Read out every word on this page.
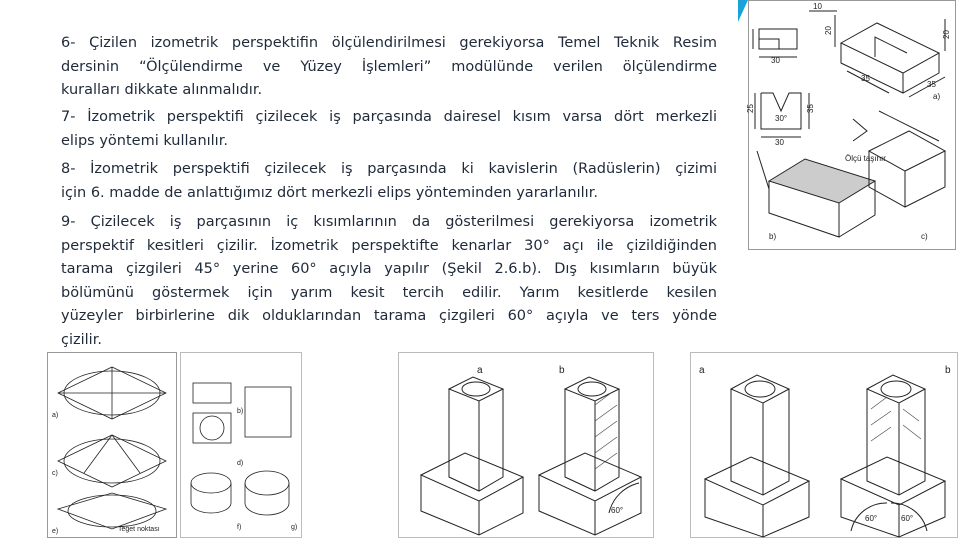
6- Çizilen izometrik perspektifin ölçülendirilmesi gerekiyorsa Temel Teknik Resim
dersinin “Ölçülendirme ve Yüzey İşlemleri” modülünde verilen ölçülendirme
kuralları dikkate alınmalıdır.
7- İzometrik perspektifi çizilecek iş parçasında dairesel kısım varsa dört merkezli
elips yöntemi kullanılır.
8- İzometrik perspektifi çizilecek iş parçasında ki kavislerin (Radüslerin) çizimi
için 6. madde de anlattığımız dört merkezli elips yönteminden yararlanılır.
9- Çizilecek iş parçasının iç kısımlarının da gösterilmesi gerekiyorsa izometrik
perspektif kesitleri çizilir. İzometrik perspektifte kenarlar 30° açı ile çizildiğinden
tarama çizgileri 45° yerine 60° açıyla yapılır (Şekil 2.6.b). Dış kısımların büyük
bölümünü göstermek için yarım kesit tercih edilir. Yarım kesitlerde kesilen
yüzeyler birbirlerine dik olduklarından tarama çizgileri 60° açıyla ve ters yönde
çizilir.
10
20
30
35
35
20
25
30°
35
30
a)
b)	c)
Ölçü taşınır
a)
c)
e)	Teğet noktası
b)
d)
f)	g)
a	b
60°
a	b
60°	60°
